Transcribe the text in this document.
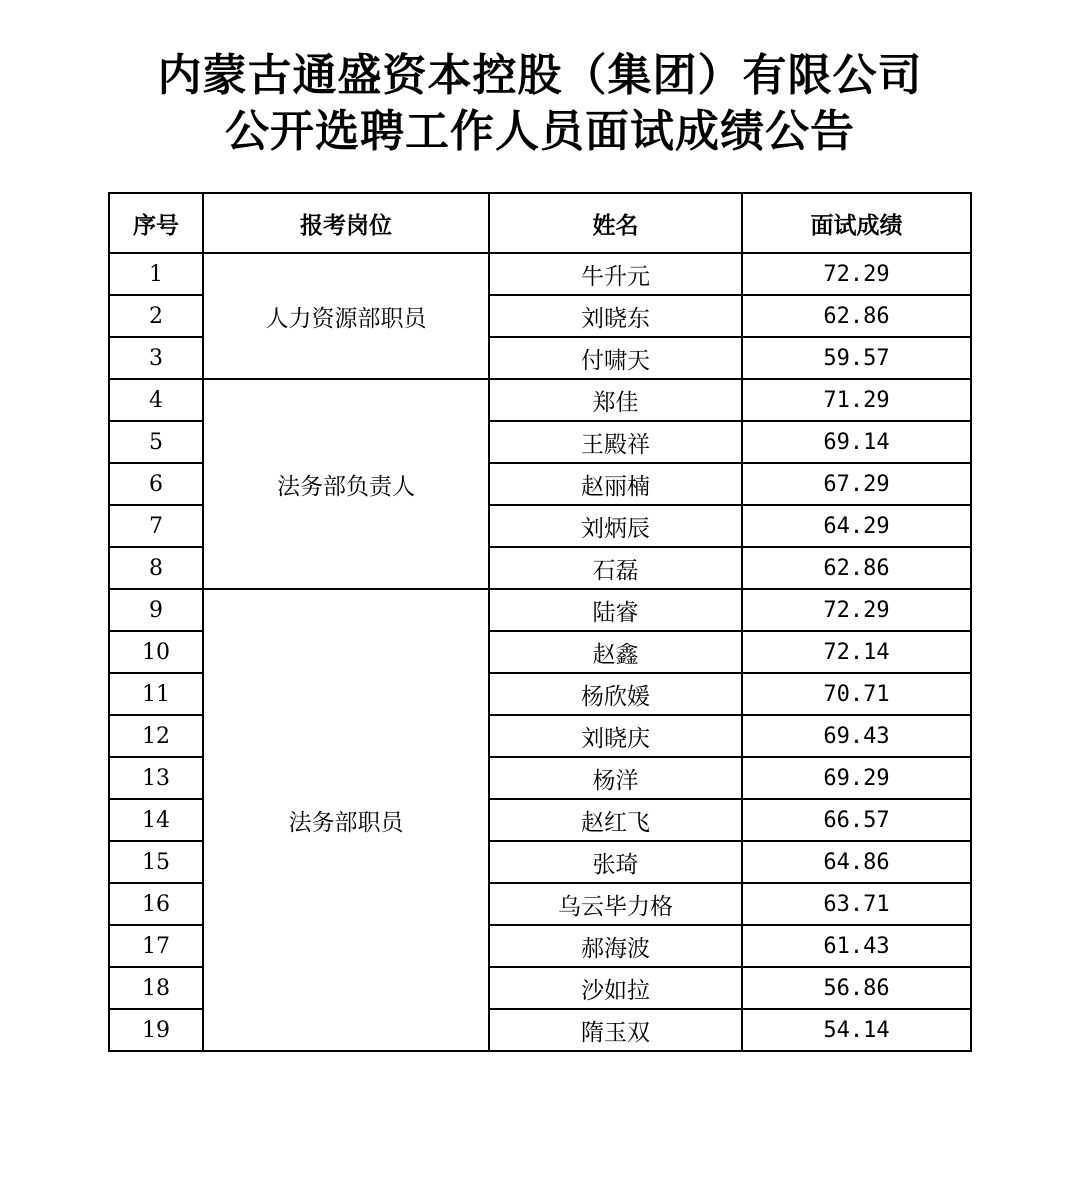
内蒙古通盛资本控股（集团）有限公司
公开选聘工作人员面试成绩公告
序号	报考岗位	姓名	面试成绩
1	人力资源部职员	牛升元	72.29
2		刘晓东	62.86
3		付啸天	59.57
4	法务部负责人	郑佳	71.29
5		王殿祥	69.14
6		赵丽楠	67.29
7		刘炳辰	64.29
8		石磊	62.86
9	法务部职员	陆睿	72.29
10		赵鑫	72.14
11		杨欣媛	70.71
12		刘晓庆	69.43
13		杨洋	69.29
14		赵红飞	66.57
15		张琦	64.86
16		乌云毕力格	63.71
17		郝海波	61.43
18		沙如拉	56.86
19		隋玉双	54.14
